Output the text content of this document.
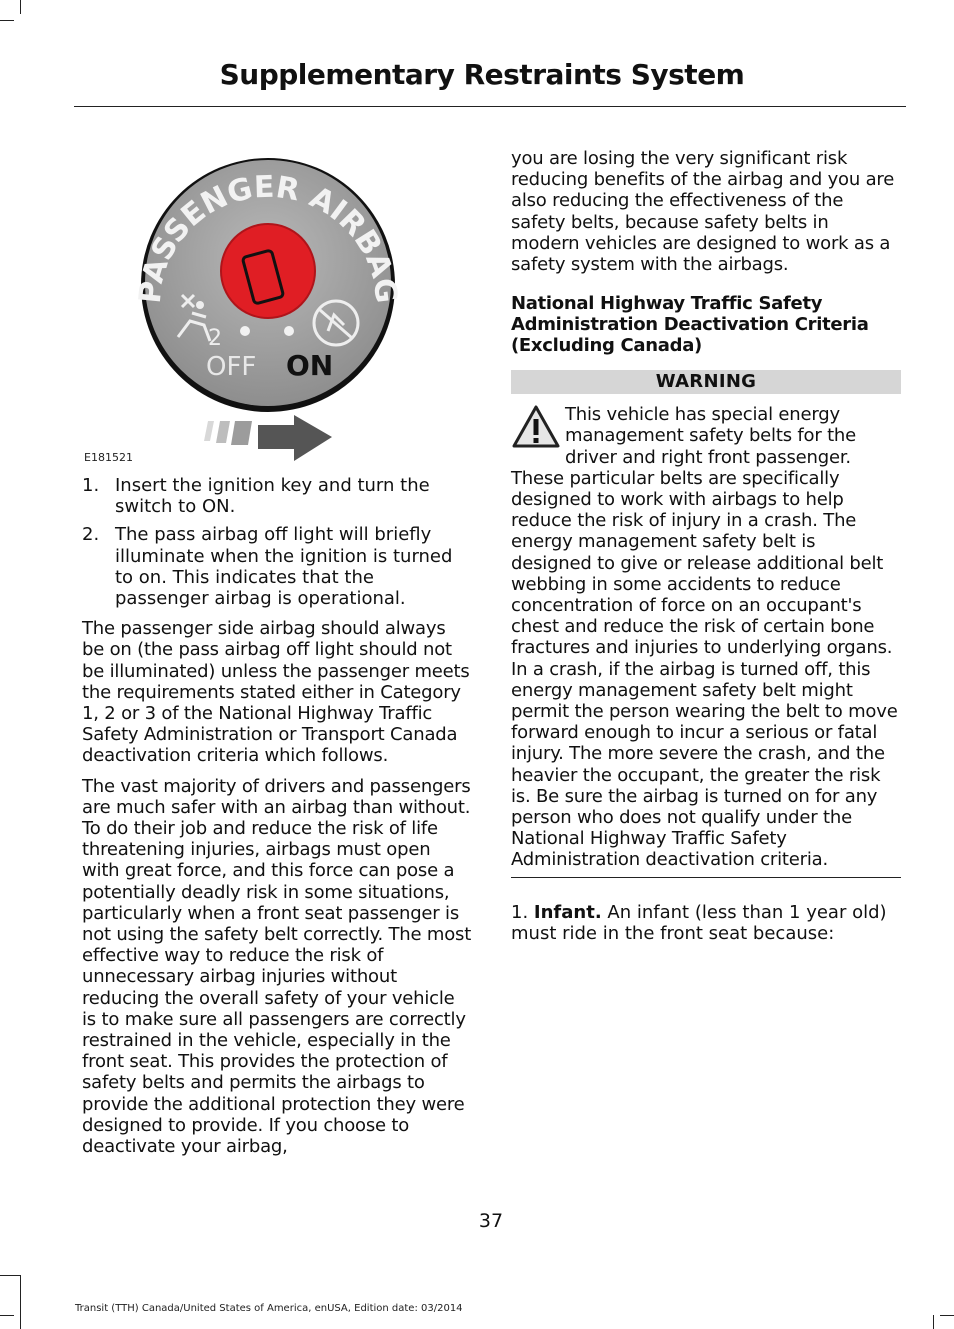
Supplementary Restraints System
PASSENGER AIRBAG
2
OFF ON
E181521
1. Insert the ignition key and turn the switch to ON.
2. The pass airbag off light will briefly illuminate when the ignition is turned to on. This indicates that the passenger airbag is operational.

The passenger side airbag should always be on (the pass airbag off light should not be illuminated) unless the passenger meets the requirements stated either in Category 1, 2 or 3 of the National Highway Traffic Safety Administration or Transport Canada deactivation criteria which follows.

The vast majority of drivers and passengers are much safer with an airbag than without. To do their job and reduce the risk of life threatening injuries, airbags must open with great force, and this force can pose a potentially deadly risk in some situations, particularly when a front seat passenger is not using the safety belt correctly. The most effective way to reduce the risk of unnecessary airbag injuries without reducing the overall safety of your vehicle is to make sure all passengers are correctly restrained in the vehicle, especially in the front seat. This provides the protection of safety belts and permits the airbags to provide the additional protection they were designed to provide. If you choose to deactivate your airbag,

you are losing the very significant risk reducing benefits of the airbag and you are also reducing the effectiveness of the safety belts, because safety belts in modern vehicles are designed to work as a safety system with the airbags.

National Highway Traffic Safety Administration Deactivation Criteria (Excluding Canada)
WARNING
This vehicle has special energy management safety belts for the driver and right front passenger. These particular belts are specifically designed to work with airbags to help reduce the risk of injury in a crash. The energy management safety belt is designed to give or release additional belt webbing in some accidents to reduce concentration of force on an occupant's chest and reduce the risk of certain bone fractures and injuries to underlying organs. In a crash, if the airbag is turned off, this energy management safety belt might permit the person wearing the belt to move forward enough to incur a serious or fatal injury. The more severe the crash, and the heavier the occupant, the greater the risk is. Be sure the airbag is turned on for any person who does not qualify under the National Highway Traffic Safety Administration deactivation criteria.

1. Infant. An infant (less than 1 year old) must ride in the front seat because:

37
Transit (TTH) Canada/United States of America, enUSA, Edition date: 03/2014
